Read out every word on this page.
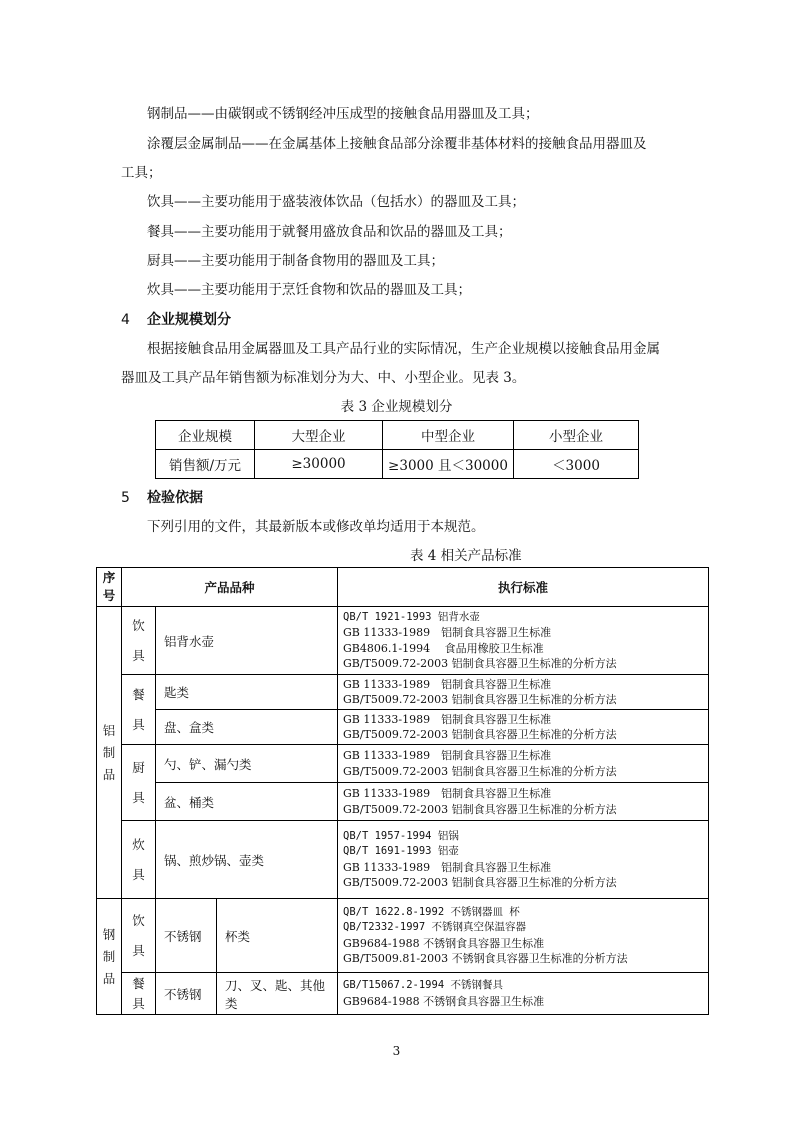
钢制品——由碳钢或不锈钢经冲压成型的接触食品用器皿及工具；
涂覆层金属制品——在金属基体上接触食品部分涂覆非基体材料的接触食品用器皿及
工具；
饮具——主要功能用于盛装液体饮品（包括水）的器皿及工具；
餐具——主要功能用于就餐用盛放食品和饮品的器皿及工具；
厨具——主要功能用于制备食物用的器皿及工具；
炊具——主要功能用于烹饪食物和饮品的器皿及工具；
4 企业规模划分
根据接触食品用金属器皿及工具产品行业的实际情况，生产企业规模以接触食品用金属
器皿及工具产品年销售额为标准划分为大、中、小型企业。见表 3。
表 3 企业规模划分
企业规模	大型企业	中型企业	小型企业
销售额/万元	≥30000	≥3000 且＜30000	＜3000
5 检验依据
下列引用的文件，其最新版本或修改单均适用于本规范。
表 4 相关产品标准
序号	产品品种			执行标准

铝制品	饮具	铝背水壶		QB/T 1921-1993 铝背水壶
GB 11333-1989　铝制食具容器卫生标准
GB4806.1-1994　 食品用橡胶卫生标准
GB/T5009.72-2003 铝制食具容器卫生标准的分析方法

	餐具	匙类		GB 11333-1989　铝制食具容器卫生标准
GB/T5009.72-2003 铝制食具容器卫生标准的分析方法

		盘、盒类		GB 11333-1989　铝制食具容器卫生标准
GB/T5009.72-2003 铝制食具容器卫生标准的分析方法

	厨具	勺、铲、漏勺类		GB 11333-1989　铝制食具容器卫生标准
GB/T5009.72-2003 铝制食具容器卫生标准的分析方法

		盆、桶类		GB 11333-1989　铝制食具容器卫生标准
GB/T5009.72-2003 铝制食具容器卫生标准的分析方法

	炊具	锅、煎炒锅、壶类		QB/T 1957-1994 铝锅
QB/T 1691-1993 铝壶
GB 11333-1989　铝制食具容器卫生标准
GB/T5009.72-2003 铝制食具容器卫生标准的分析方法

钢制品	饮具	不锈钢	杯类	QB/T 1622.8-1992 不锈钢器皿 杯
QB/T2332-1997 不锈钢真空保温容器
GB9684-1988 不锈钢食具容器卫生标准
GB/T5009.81-2003 不锈钢食具容器卫生标准的分析方法

	餐具	不锈钢	刀、叉、匙、其他类	GB/T15067.2-1994 不锈钢餐具
GB9684-1988 不锈钢食具容器卫生标准
3
